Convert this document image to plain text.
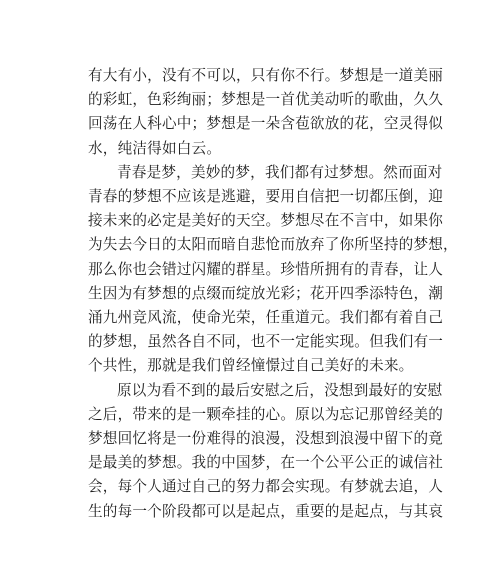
有大有小，没有不可以，只有你不行。梦想是一道美丽
的彩虹，色彩绚丽；梦想是一首优美动听的歌曲，久久
回荡在人科心中；梦想是一朵含苞欲放的花，空灵得似
水，纯洁得如白云。

青春是梦，美妙的梦，我们都有过梦想。然而面对
青春的梦想不应该是逃避，要用自信把一切都压倒，迎
接未来的必定是美好的天空。梦想尽在不言中，如果你
为失去今日的太阳而暗自悲怆而放弃了你所坚持的梦想，
那么你也会错过闪耀的群星。珍惜所拥有的青春，让人
生因为有梦想的点缀而绽放光彩；花开四季添特色，潮
涌九州竞风流，使命光荣，任重道元。我们都有着自己
的梦想，虽然各自不同，也不一定能实现。但我们有一
个共性，那就是我们曾经憧憬过自己美好的未来。

原以为看不到的最后安慰之后，没想到最好的安慰
之后，带来的是一颗牵挂的心。原以为忘记那曾经美的
梦想回忆将是一份难得的浪漫，没想到浪漫中留下的竟
是最美的梦想。我的中国梦，在一个公平公正的诚信社
会，每个人通过自己的努力都会实现。有梦就去追，人
生的每一个阶段都可以是起点，重要的是起点，与其哀
